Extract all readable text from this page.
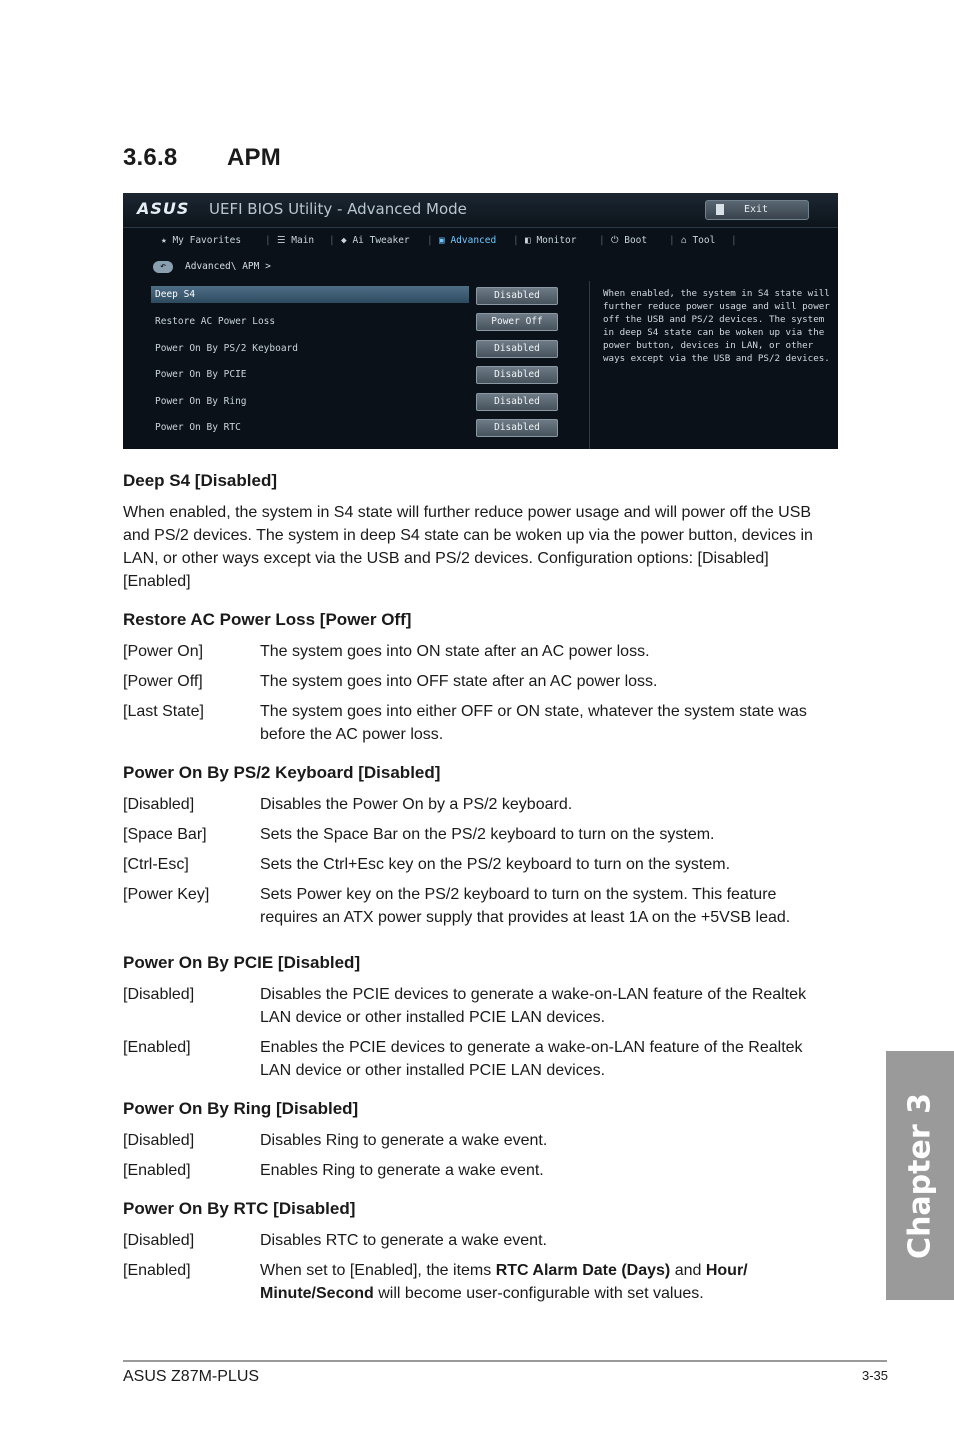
3.6.8 APM
ASUS UEFI BIOS Utility - Advanced Mode	Exit
★ My Favorites	| ☰ Main | ◆ Ai Tweaker | ▣ Advanced | ◧ Monitor | ⏻ Boot | ⌂ Tool |
↶	Advanced\ APM >
Deep S4	Disabled
Restore AC Power Loss	Power Off
Power On By PS/2 Keyboard	Disabled
Power On By PCIE	Disabled
Power On By Ring	Disabled
Power On By RTC	Disabled
When enabled, the system in S4 state will further reduce power usage and will power off the USB and PS/2 devices. The system in deep S4 state can be woken up via the power button, devices in LAN, or other ways except via the USB and PS/2 devices.
Deep S4 [Disabled]
When enabled, the system in S4 state will further reduce power usage and will power off the USB and PS/2 devices. The system in deep S4 state can be woken up via the power button, devices in LAN, or other ways except via the USB and PS/2 devices. Configuration options: [Disabled] [Enabled]
Restore AC Power Loss [Power Off]
[Power On]	The system goes into ON state after an AC power loss.
[Power Off]	The system goes into OFF state after an AC power loss.
[Last State]	The system goes into either OFF or ON state, whatever the system state was before the AC power loss.
Power On By PS/2 Keyboard [Disabled]
[Disabled]	Disables the Power On by a PS/2 keyboard.
[Space Bar]	Sets the Space Bar on the PS/2 keyboard to turn on the system.
[Ctrl-Esc]	Sets the Ctrl+Esc key on the PS/2 keyboard to turn on the system.
[Power Key]	Sets Power key on the PS/2 keyboard to turn on the system. This feature requires an ATX power supply that provides at least 1A on the +5VSB lead.
Power On By PCIE [Disabled]
[Disabled]	Disables the PCIE devices to generate a wake-on-LAN feature of the Realtek LAN device or other installed PCIE LAN devices.
[Enabled]	Enables the PCIE devices to generate a wake-on-LAN feature of the Realtek LAN device or other installed PCIE LAN devices.
Power On By Ring [Disabled]
[Disabled]	Disables Ring to generate a wake event.
[Enabled]	Enables Ring to generate a wake event.
Power On By RTC [Disabled]
[Disabled]	Disables RTC to generate a wake event.
[Enabled]	When set to [Enabled], the items RTC Alarm Date (Days) and Hour/ Minute/Second will become user-configurable with set values.
Chapter 3
ASUS Z87M-PLUS	3-35
